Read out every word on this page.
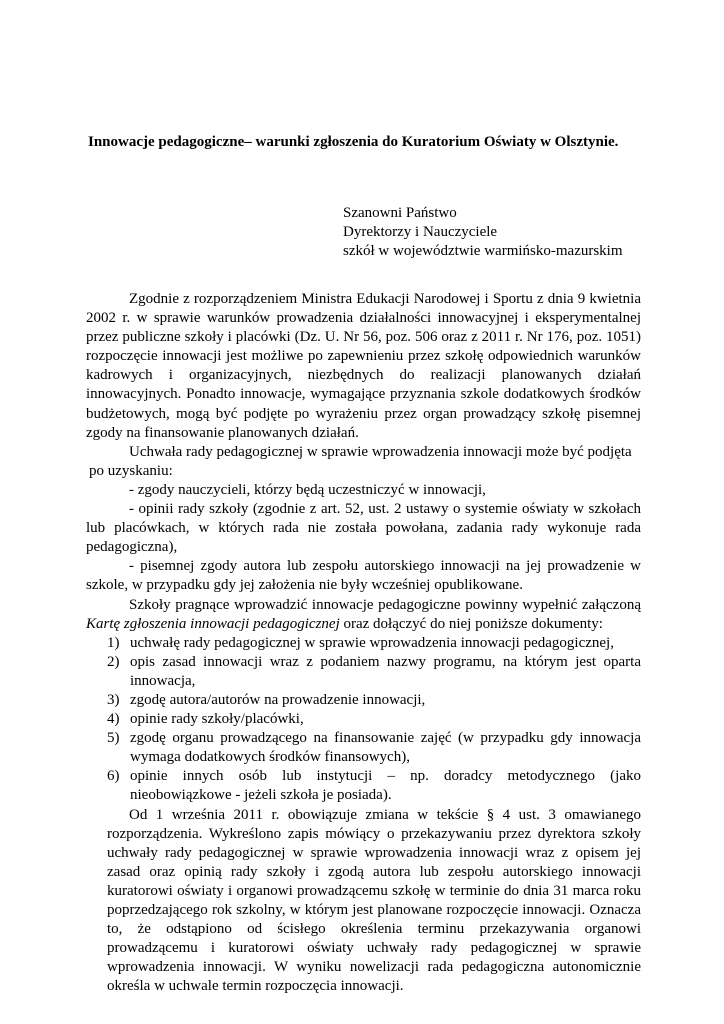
Innowacje pedagogiczne– warunki zgłoszenia do Kuratorium Oświaty w Olsztynie.
Szanowni Państwo
Dyrektorzy i Nauczyciele
szkół w województwie warmińsko-mazurskim

Zgodnie z rozporządzeniem Ministra Edukacji Narodowej i Sportu z dnia 9 kwietnia 2002 r. w sprawie warunków prowadzenia działalności innowacyjnej i eksperymentalnej przez publiczne szkoły i placówki (Dz. U. Nr 56, poz. 506 oraz z 2011 r. Nr 176, poz. 1051) rozpoczęcie innowacji jest możliwe po zapewnieniu przez szkołę odpowiednich warunków kadrowych i organizacyjnych, niezbędnych do realizacji planowanych działań innowacyjnych. Ponadto innowacje, wymagające przyznania szkole dodatkowych środków budżetowych, mogą być podjęte po wyrażeniu przez organ prowadzący szkołę pisemnej zgody na finansowanie planowanych działań.

Uchwała rady pedagogicznej w sprawie wprowadzenia innowacji może być podjęta

po uzyskaniu:

- zgody nauczycieli, którzy będą uczestniczyć w innowacji,

- opinii rady szkoły (zgodnie z art. 52, ust. 2 ustawy o systemie oświaty w szkołach lub placówkach, w których rada nie została powołana, zadania rady wykonuje rada pedagogiczna),

- pisemnej zgody autora lub zespołu autorskiego innowacji na jej prowadzenie w szkole, w przypadku gdy jej założenia nie były wcześniej opublikowane.

Szkoły pragnące wprowadzić innowacje pedagogiczne powinny wypełnić załączoną Kartę zgłoszenia innowacji pedagogicznej oraz dołączyć do niej poniższe dokumenty:

1) uchwałę rady pedagogicznej w sprawie wprowadzenia innowacji pedagogicznej,
2) opis zasad innowacji wraz z podaniem nazwy programu, na którym jest oparta innowacja,
3) zgodę autora/autorów na prowadzenie innowacji,
4) opinie rady szkoły/placówki,
5) zgodę organu prowadzącego na finansowanie zajęć (w przypadku gdy innowacja wymaga dodatkowych środków finansowych),
6) opinie innych osób lub instytucji – np. doradcy metodycznego (jako nieobowiązkowe - jeżeli szkoła je posiada).
Od 1 września 2011 r. obowiązuje zmiana w tekście § 4 ust. 3 omawianego rozporządzenia. Wykreślono zapis mówiący o przekazywaniu przez dyrektora szkoły uchwały rady pedagogicznej w sprawie wprowadzenia innowacji wraz z opisem jej zasad oraz opinią rady szkoły i zgodą autora lub zespołu autorskiego innowacji kuratorowi oświaty i organowi prowadzącemu szkołę w terminie do dnia 31 marca roku poprzedzającego rok szkolny, w którym jest planowane rozpoczęcie innowacji. Oznacza to, że odstąpiono od ścisłego określenia terminu przekazywania organowi prowadzącemu i kuratorowi oświaty uchwały rady pedagogicznej w sprawie wprowadzenia innowacji. W wyniku nowelizacji rada pedagogiczna autonomicznie określa w uchwale termin rozpoczęcia innowacji.
